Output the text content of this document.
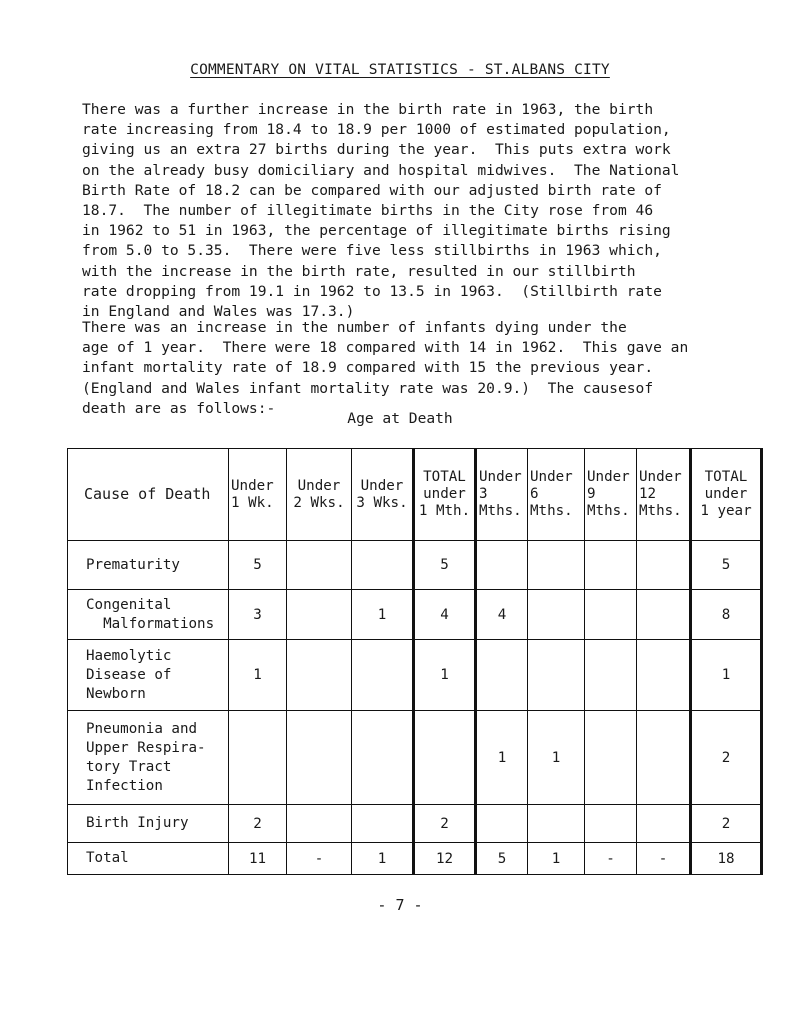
COMMENTARY ON VITAL STATISTICS - ST.ALBANS CITY

There was a further increase in the birth rate in 1963, the birth
rate increasing from 18.4 to 18.9 per 1000 of estimated population,
giving us an extra 27 births during the year.  This puts extra work
on the already busy domiciliary and hospital midwives.  The National
Birth Rate of 18.2 can be compared with our adjusted birth rate of
18.7.  The number of illegitimate births in the City rose from 46
in 1962 to 51 in 1963, the percentage of illegitimate births rising
from 5.0 to 5.35.  There were five less stillbirths in 1963 which,
with the increase in the birth rate, resulted in our stillbirth
rate dropping from 19.1 in 1962 to 13.5 in 1963.  (Stillbirth rate
in England and Wales was 17.3.)

There was an increase in the number of infants dying under the
age of 1 year.  There were 18 compared with 14 in 1962.  This gave an
infant mortality rate of 18.9 compared with 15 the previous year.
(England and Wales infant mortality rate was 20.9.)  The causesof
death are as follows:-

Age at Death
Cause of Death	Under
1 Wk.	Under
2 Wks.	Under
3 Wks.	TOTAL
under
1 Mth.	Under
3
Mths.	Under
6
Mths.	Under
9
Mths.	Under
12
Mths.	TOTAL
under
1 year
Prematurity	5			5					5
Congenital
Malformations	3		1	4	4				8
Haemolytic
Disease of
Newborn	1			1					1
Pneumonia and
Upper Respira-
tory Tract
Infection					1	1			2
Birth Injury	2			2					2
Total	11	-	1	12	5	1	-	-	18
- 7 -
